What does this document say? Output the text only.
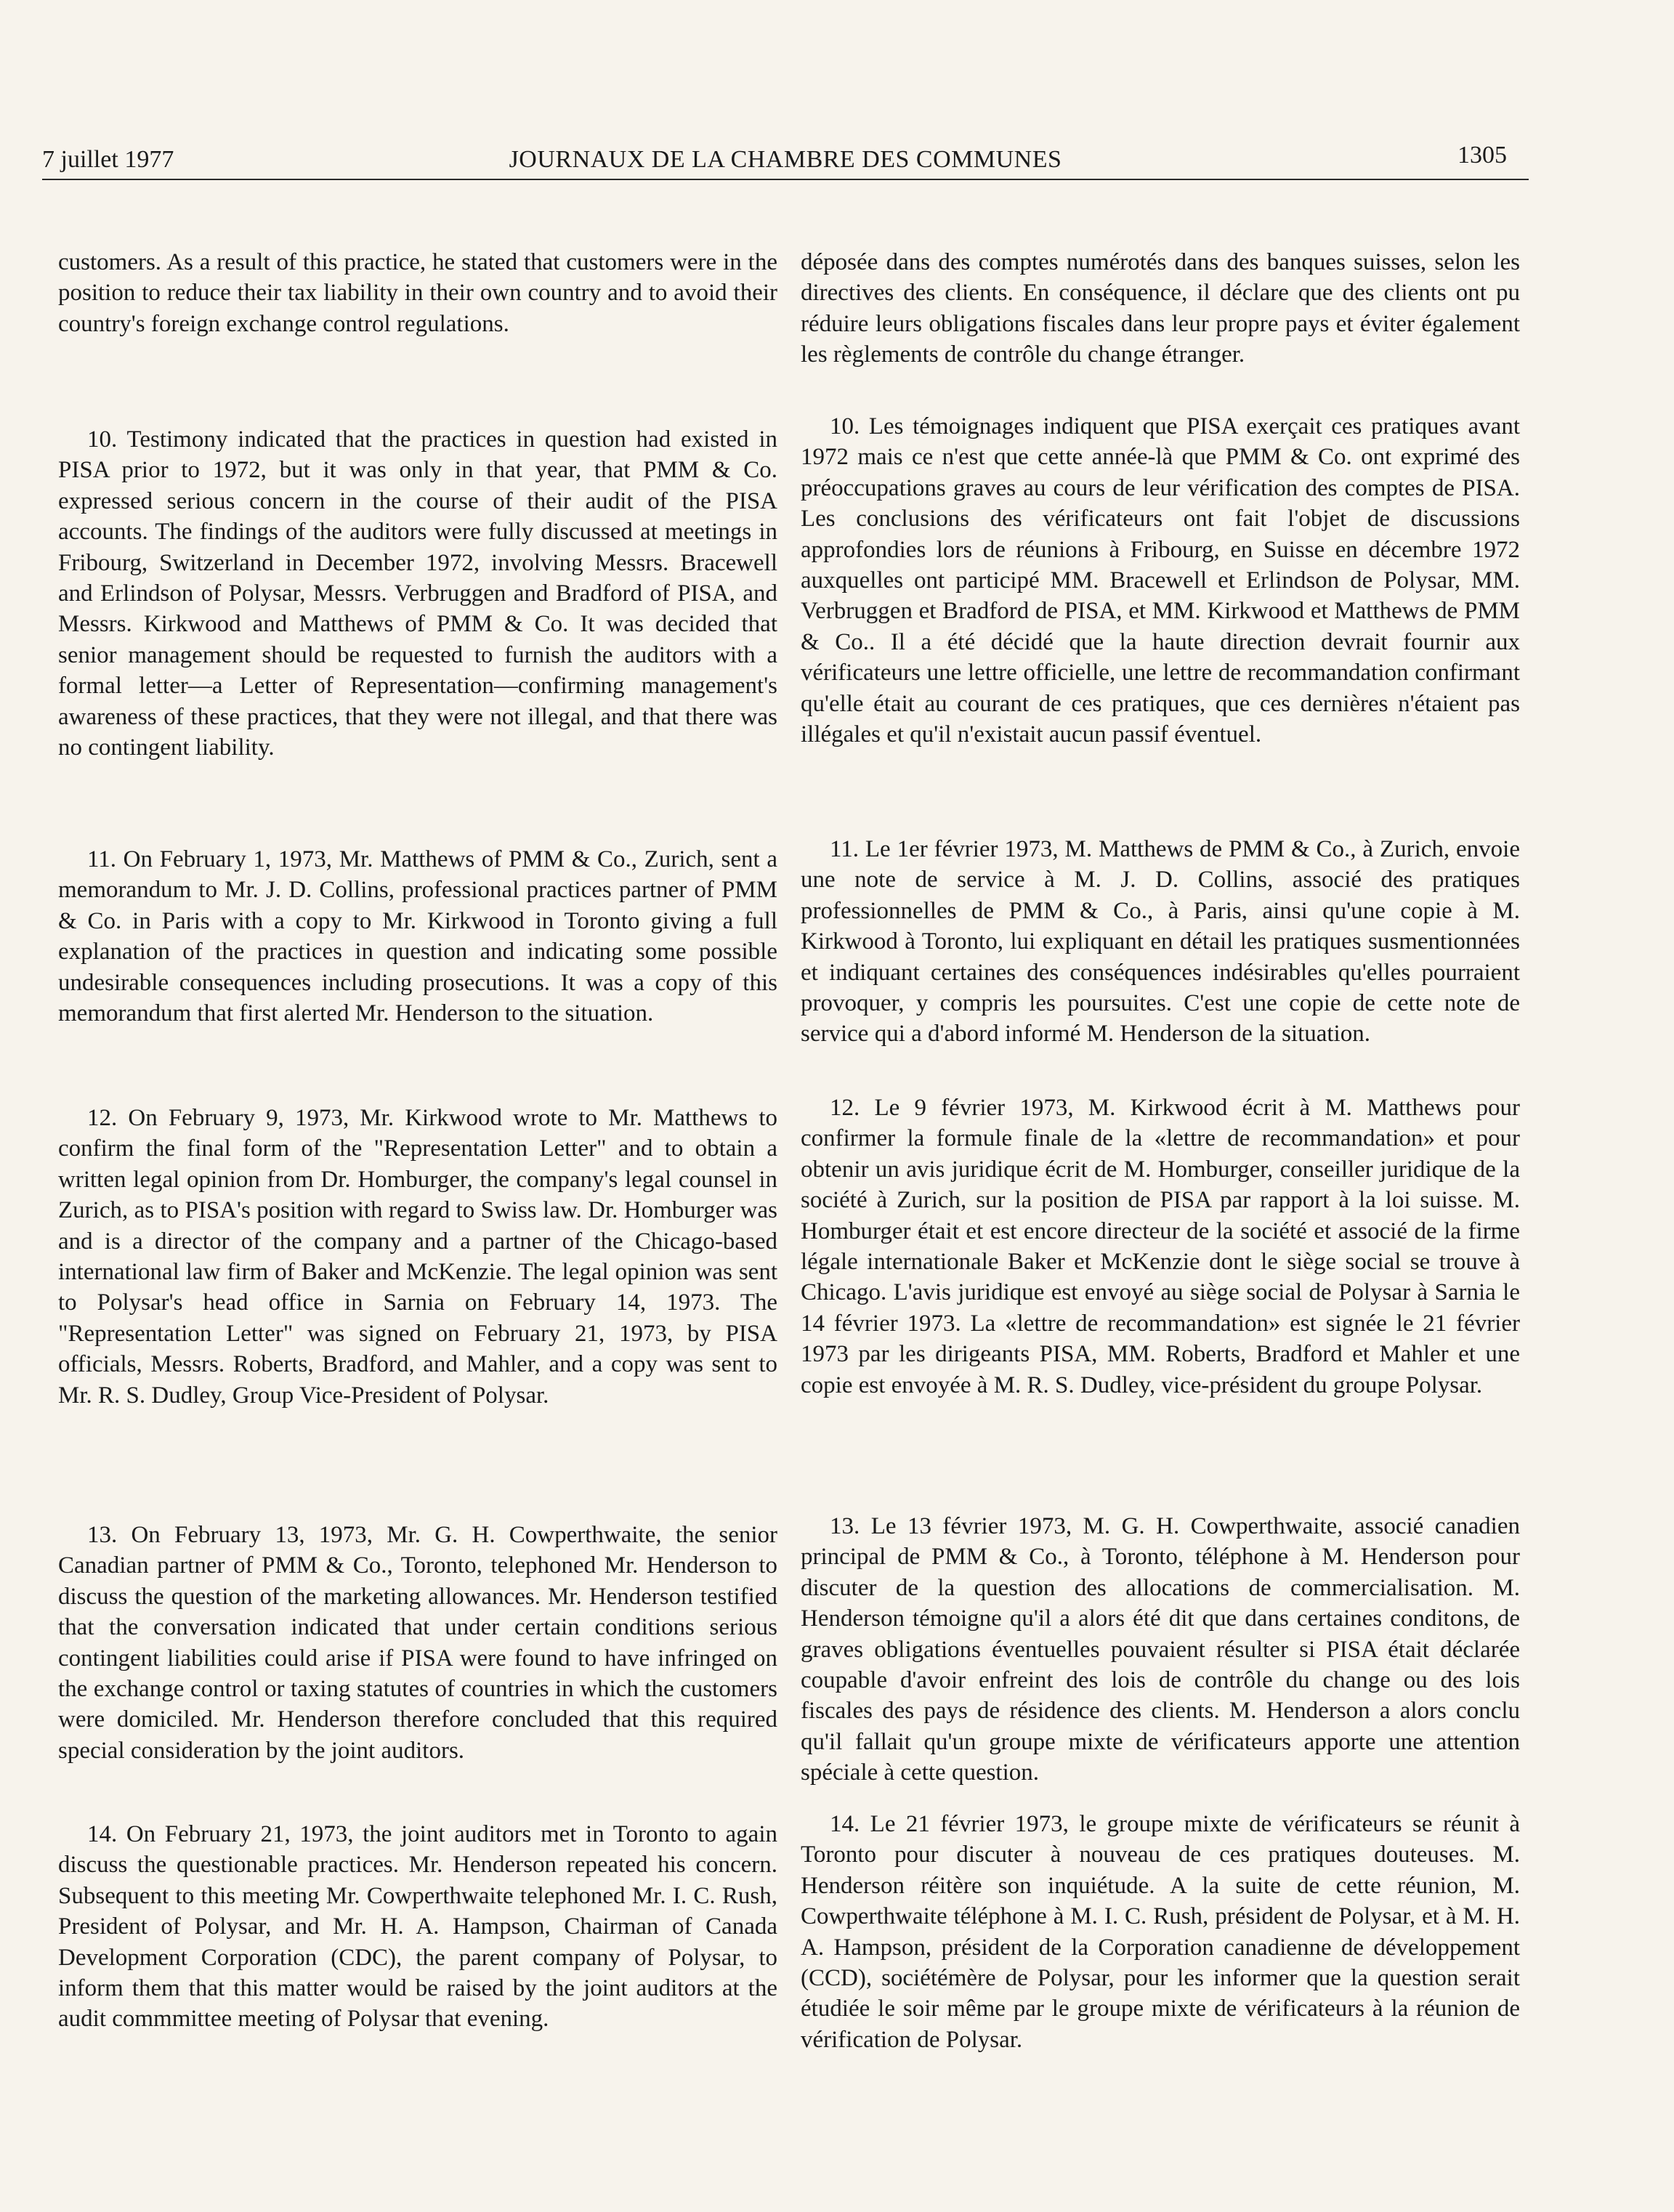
7 juillet 1977	JOURNAUX DE LA CHAMBRE DES COMMUNES	1305

customers. As a result of this practice, he stated that customers were in the position to reduce their tax liability in their own country and to avoid their country's foreign exchange control regulations.

10. Testimony indicated that the practices in question had existed in PISA prior to 1972, but it was only in that year, that PMM & Co. expressed serious concern in the course of their audit of the PISA accounts. The findings of the auditors were fully discussed at meetings in Fribourg, Switzerland in December 1972, involving Messrs. Bracewell and Erlindson of Polysar, Messrs. Verbruggen and Bradford of PISA, and Messrs. Kirkwood and Matthews of PMM & Co. It was decided that senior management should be requested to furnish the auditors with a formal letter—a Letter of Representation—confirming management's awareness of these practices, that they were not illegal, and that there was no contingent liability.

11. On February 1, 1973, Mr. Matthews of PMM & Co., Zurich, sent a memorandum to Mr. J. D. Collins, professional practices partner of PMM & Co. in Paris with a copy to Mr. Kirkwood in Toronto giving a full explanation of the practices in question and indicating some possible undesirable consequences including prosecutions. It was a copy of this memorandum that first alerted Mr. Henderson to the situation.

12. On February 9, 1973, Mr. Kirkwood wrote to Mr. Matthews to confirm the final form of the "Representation Letter" and to obtain a written legal opinion from Dr. Homburger, the company's legal counsel in Zurich, as to PISA's position with regard to Swiss law. Dr. Homburger was and is a director of the company and a partner of the Chicago-based international law firm of Baker and McKenzie. The legal opinion was sent to Polysar's head office in Sarnia on February 14, 1973. The "Representation Letter" was signed on February 21, 1973, by PISA officials, Messrs. Roberts, Bradford, and Mahler, and a copy was sent to Mr. R. S. Dudley, Group Vice-President of Polysar.

13. On February 13, 1973, Mr. G. H. Cowperthwaite, the senior Canadian partner of PMM & Co., Toronto, telephoned Mr. Henderson to discuss the question of the marketing allowances. Mr. Henderson testified that the conversation indicated that under certain conditions serious contingent liabilities could arise if PISA were found to have infringed on the exchange control or taxing statutes of countries in which the customers were domiciled. Mr. Henderson therefore concluded that this required special consideration by the joint auditors.

14. On February 21, 1973, the joint auditors met in Toronto to again discuss the questionable practices. Mr. Henderson repeated his concern. Subsequent to this meeting Mr. Cowperthwaite telephoned Mr. I. C. Rush, President of Polysar, and Mr. H. A. Hampson, Chairman of Canada Development Corporation (CDC), the parent company of Polysar, to inform them that this matter would be raised by the joint auditors at the audit commmittee meeting of Polysar that evening.

déposée dans des comptes numérotés dans des banques suisses, selon les directives des clients. En conséquence, il déclare que des clients ont pu réduire leurs obligations fiscales dans leur propre pays et éviter également les règlements de contrôle du change étranger.

10. Les témoignages indiquent que PISA exerçait ces pratiques avant 1972 mais ce n'est que cette année-là que PMM & Co. ont exprimé des préoccupations graves au cours de leur vérification des comptes de PISA. Les conclusions des vérificateurs ont fait l'objet de discussions approfondies lors de réunions à Fribourg, en Suisse en décembre 1972 auxquelles ont participé MM. Bracewell et Erlindson de Polysar, MM. Verbruggen et Bradford de PISA, et MM. Kirkwood et Matthews de PMM & Co.. Il a été décidé que la haute direction devrait fournir aux vérificateurs une lettre officielle, une lettre de recommandation confirmant qu'elle était au courant de ces pratiques, que ces dernières n'étaient pas illégales et qu'il n'existait aucun passif éventuel.

11. Le 1er février 1973, M. Matthews de PMM & Co., à Zurich, envoie une note de service à M. J. D. Collins, associé des pratiques professionnelles de PMM & Co., à Paris, ainsi qu'une copie à M. Kirkwood à Toronto, lui expliquant en détail les pratiques susmentionnées et indiquant certaines des conséquences indésirables qu'elles pourraient provoquer, y compris les poursuites. C'est une copie de cette note de service qui a d'abord informé M. Henderson de la situation.

12. Le 9 février 1973, M. Kirkwood écrit à M. Matthews pour confirmer la formule finale de la «lettre de recommandation» et pour obtenir un avis juridique écrit de M. Homburger, conseiller juridique de la société à Zurich, sur la position de PISA par rapport à la loi suisse. M. Homburger était et est encore directeur de la société et associé de la firme légale internationale Baker et McKenzie dont le siège social se trouve à Chicago. L'avis juridique est envoyé au siège social de Polysar à Sarnia le 14 février 1973. La «lettre de recommandation» est signée le 21 février 1973 par les dirigeants PISA, MM. Roberts, Bradford et Mahler et une copie est envoyée à M. R. S. Dudley, vice-président du groupe Polysar.

13. Le 13 février 1973, M. G. H. Cowperthwaite, associé canadien principal de PMM & Co., à Toronto, téléphone à M. Henderson pour discuter de la question des allocations de commercialisation. M. Henderson témoigne qu'il a alors été dit que dans certaines conditons, de graves obligations éventuelles pouvaient résulter si PISA était déclarée coupable d'avoir enfreint des lois de contrôle du change ou des lois fiscales des pays de résidence des clients. M. Henderson a alors conclu qu'il fallait qu'un groupe mixte de vérificateurs apporte une attention spéciale à cette question.

14. Le 21 février 1973, le groupe mixte de vérificateurs se réunit à Toronto pour discuter à nouveau de ces pratiques douteuses. M. Henderson réitère son inquiétude. A la suite de cette réunion, M. Cowperthwaite téléphone à M. I. C. Rush, président de Polysar, et à M. H. A. Hampson, président de la Corporation canadienne de développement (CCD), sociétémère de Polysar, pour les informer que la question serait étudiée le soir même par le groupe mixte de vérificateurs à la réunion de vérification de Polysar.
